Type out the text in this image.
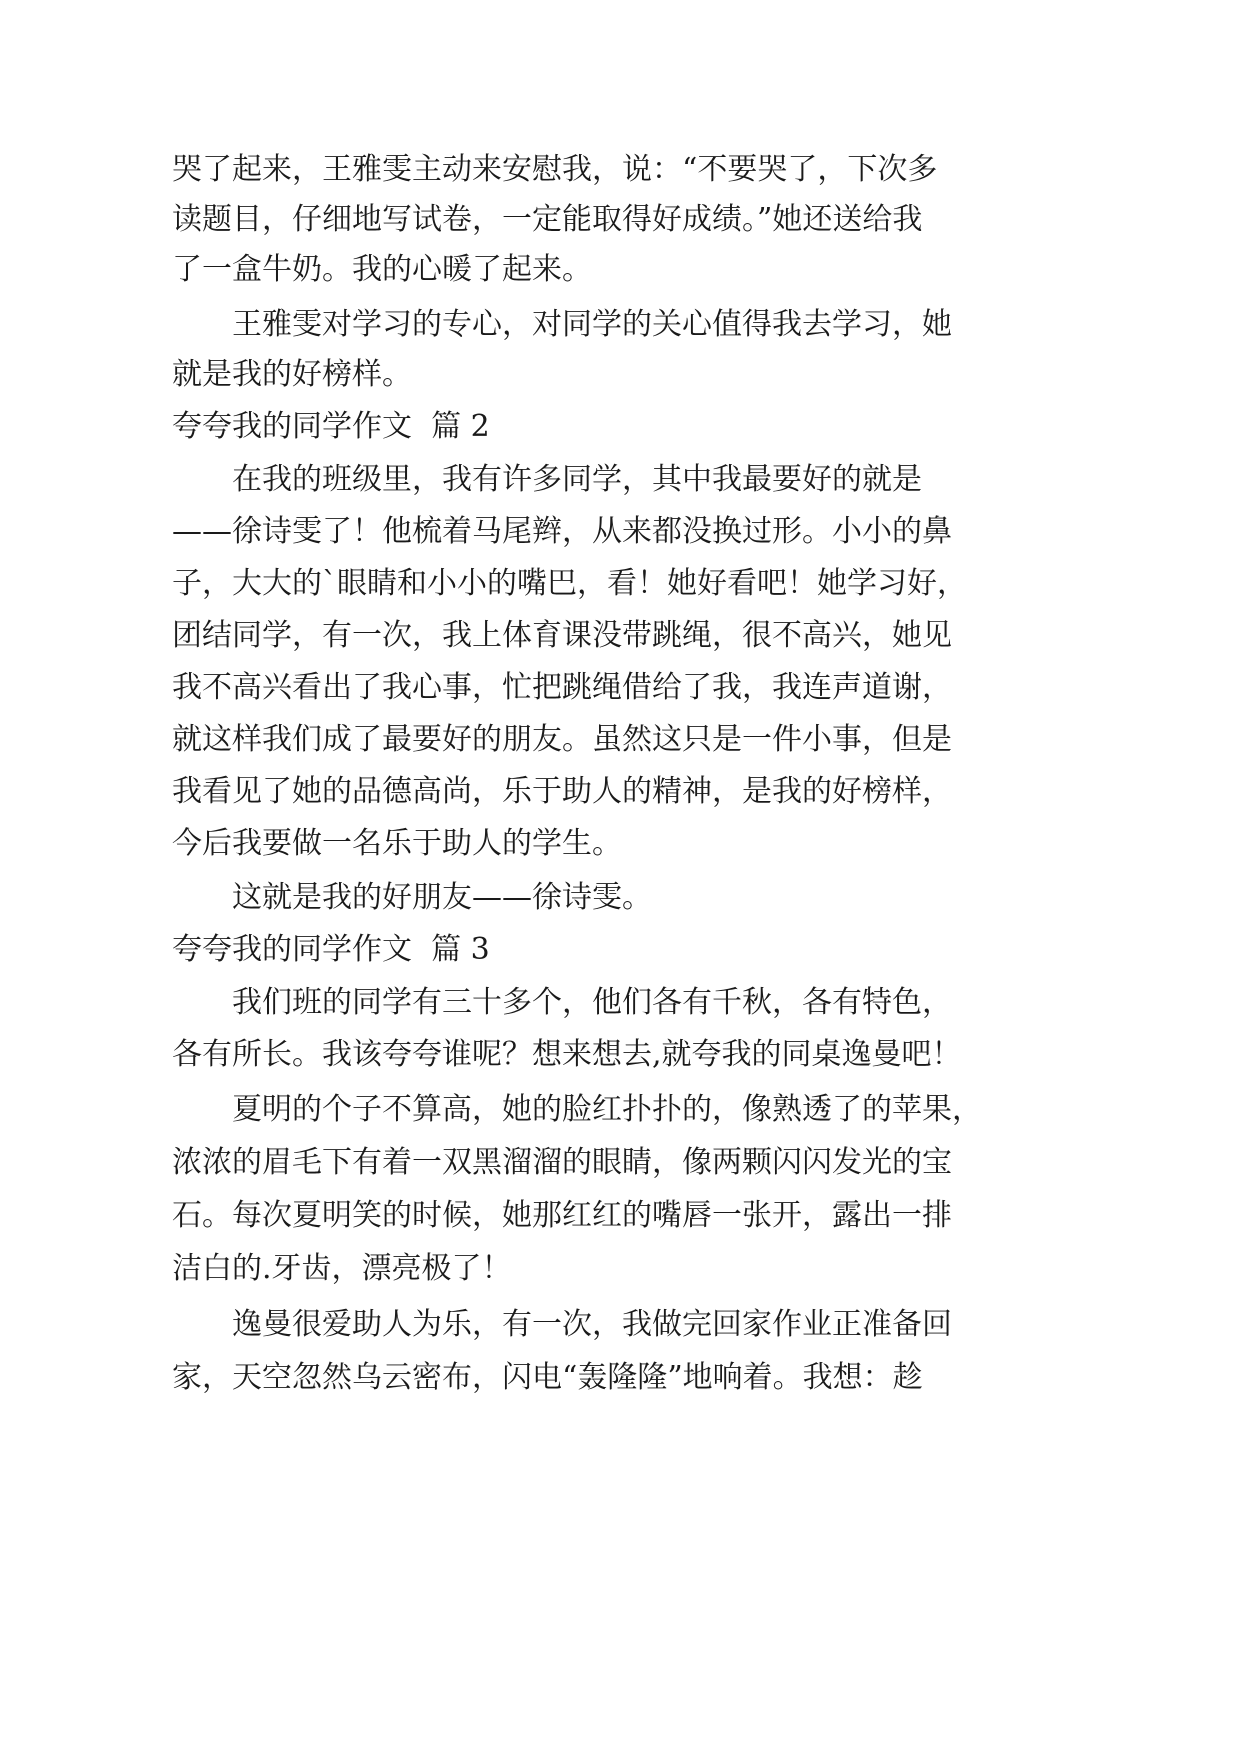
哭了起来，王雅雯主动来安慰我，说：“不要哭了，下次多
读题目，仔细地写试卷，一定能取得好成绩。”她还送给我
了一盒牛奶。我的心暖了起来。
王雅雯对学习的专心，对同学的关心值得我去学习，她
就是我的好榜样。
夸夸我的同学作文  篇 2
在我的班级里，我有许多同学，其中我最要好的就是
——徐诗雯了！他梳着马尾辫，从来都没换过形。小小的鼻
子，大大的`眼睛和小小的嘴巴，看！她好看吧！她学习好，
团结同学，有一次，我上体育课没带跳绳，很不高兴，她见
我不高兴看出了我心事，忙把跳绳借给了我，我连声道谢，
就这样我们成了最要好的朋友。虽然这只是一件小事，但是
我看见了她的品德高尚，乐于助人的精神，是我的好榜样，
今后我要做一名乐于助人的学生。
这就是我的好朋友——徐诗雯。
夸夸我的同学作文  篇 3
我们班的同学有三十多个，他们各有千秋，各有特色，
各有所长。我该夸夸谁呢？想来想去,就夸我的同桌逸曼吧！
夏明的个子不算高，她的脸红扑扑的，像熟透了的苹果，
浓浓的眉毛下有着一双黑溜溜的眼睛，像两颗闪闪发光的宝
石。每次夏明笑的时候，她那红红的嘴唇一张开，露出一排
洁白的.牙齿，漂亮极了！
逸曼很爱助人为乐，有一次，我做完回家作业正准备回
家，天空忽然乌云密布，闪电“轰隆隆”地响着。我想：趁
